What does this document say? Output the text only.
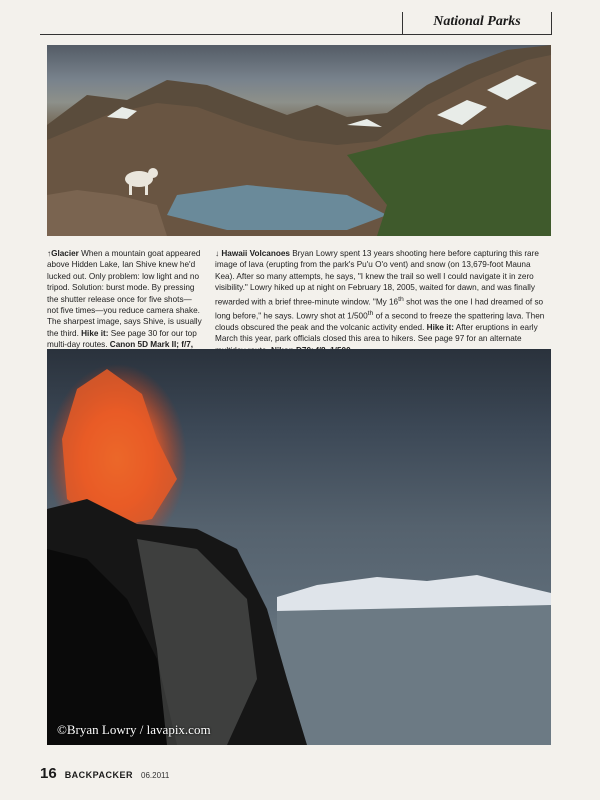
National Parks
↑Glacier When a mountain goat appeared above Hidden Lake, Ian Shive knew he'd lucked out. Only problem: low light and no tripod. Solution: burst mode. By pressing the shutter release once for five shots—not five times—you reduce camera shake. The sharpest image, says Shive, is usually the third. Hike it: See page 30 for our top multi-day routes. Canon 5D Mark II; f/7,
↓ Hawaii Volcanoes Bryan Lowry spent 13 years shooting here before capturing this rare image of lava (erupting from the park's Pu'u O'o vent) and snow (on 13,679-foot Mauna Kea). After so many attempts, he says, "I knew the trail so well I could navigate it in zero visibility." Lowry hiked up at night on February 18, 2005, waited for dawn, and was finally rewarded with a brief three-minute window. "My 16th shot was the one I had dreamed of so long before," he says. Lowry shot at 1/500th of a second to freeze the spattering lava. Then clouds obscured the peak and the volcanic activity ended. Hike it: After eruptions in early March this year, park officials closed this area to hikers. See page 97 for an alternate
©Bryan Lowry / lavapix.com
16 BACKPACKER 06.2011
